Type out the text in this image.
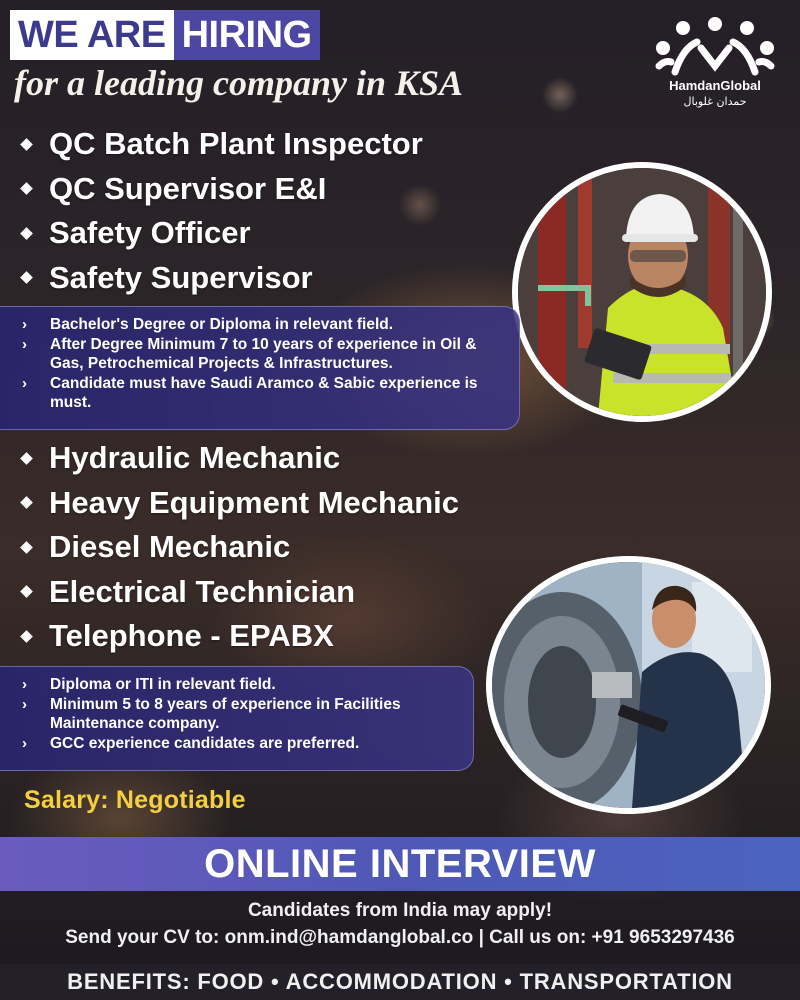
WE ARE HIRING
for a leading company in KSA	HamdanGlobal
حمدان غلوبال
QC Batch Plant Inspector
QC Supervisor E&I
Safety Officer
Safety Supervisor
› Bachelor's Degree or Diploma in relevant field.
› After Degree Minimum 7 to 10 years of experience in Oil & Gas, Petrochemical Projects & Infrastructures.
› Candidate must have Saudi Aramco & Sabic experience is must.
Hydraulic Mechanic
Heavy Equipment Mechanic
Diesel Mechanic
Electrical Technician
Telephone - EPABX
› Diploma or ITI in relevant field.
› Minimum 5 to 8 years of experience in Facilities Maintenance company.
› GCC experience candidates are preferred.
Salary: Negotiable
ONLINE INTERVIEW
Candidates from India may apply!
Send your CV to: onm.ind@hamdanglobal.co | Call us on: +91 9653297436
BENEFITS: FOOD • ACCOMMODATION • TRANSPORTATION
